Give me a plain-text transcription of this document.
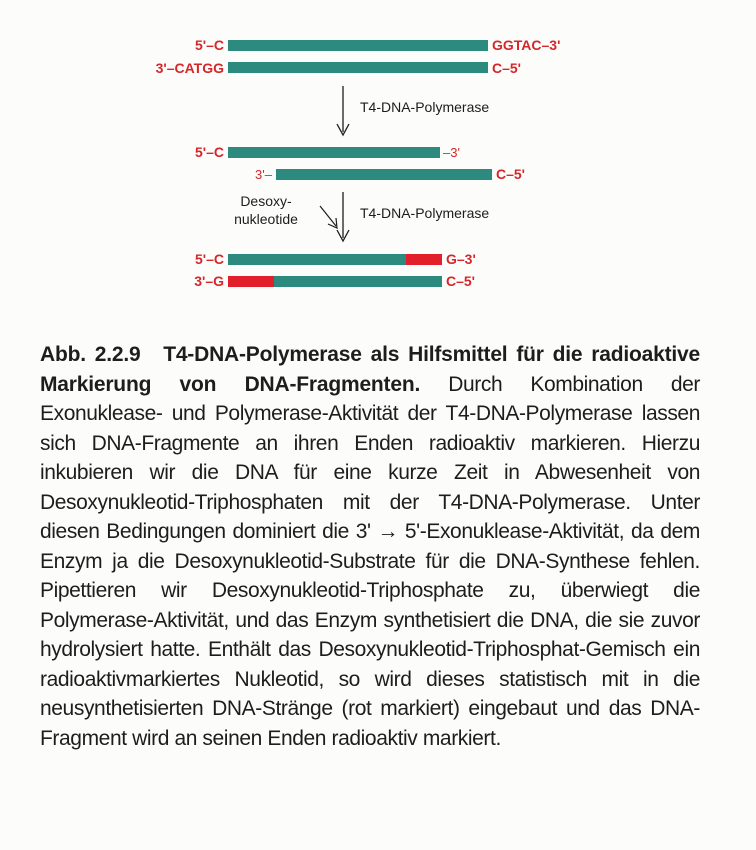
5'–C	GGTAC–3'
3'–CATGG	C–5'
T4-DNA-Polymerase
5'–C	–3'
3'–	C–5'
Desoxy-
nukleotide	T4-DNA-Polymerase
5'–C	G–3'
3'–G	C–5'
Abb. 2.2.9 T4-DNA-Polymerase als Hilfsmittel für die radioaktive Markierung von DNA-Fragmenten. Durch Kombination der Exonuklease- und Polymerase-Aktivität der T4-DNA-Polymerase lassen sich DNA-Fragmente an ihren Enden radioaktiv markieren. Hierzu inkubieren wir die DNA für eine kurze Zeit in Abwesenheit von Desoxynukleotid-Triphosphaten mit der T4-DNA-Polymerase. Unter diesen Bedingungen dominiert die 3' → 5'-Exonuklease-Aktivität, da dem Enzym ja die Desoxynukleotid-Substrate für die DNA-Synthese fehlen. Pipettieren wir Desoxynukleotid-Triphosphate zu, überwiegt die Polymerase-Aktivität, und das Enzym synthetisiert die DNA, die sie zuvor hydrolysiert hatte. Enthält das Desoxynukleotid-Triphosphat-Gemisch ein radioaktivmarkiertes Nukleotid, so wird dieses statistisch mit in die neusynthetisierten DNA-Stränge (rot markiert) eingebaut und das DNA-Fragment wird an seinen Enden radioaktiv markiert.
